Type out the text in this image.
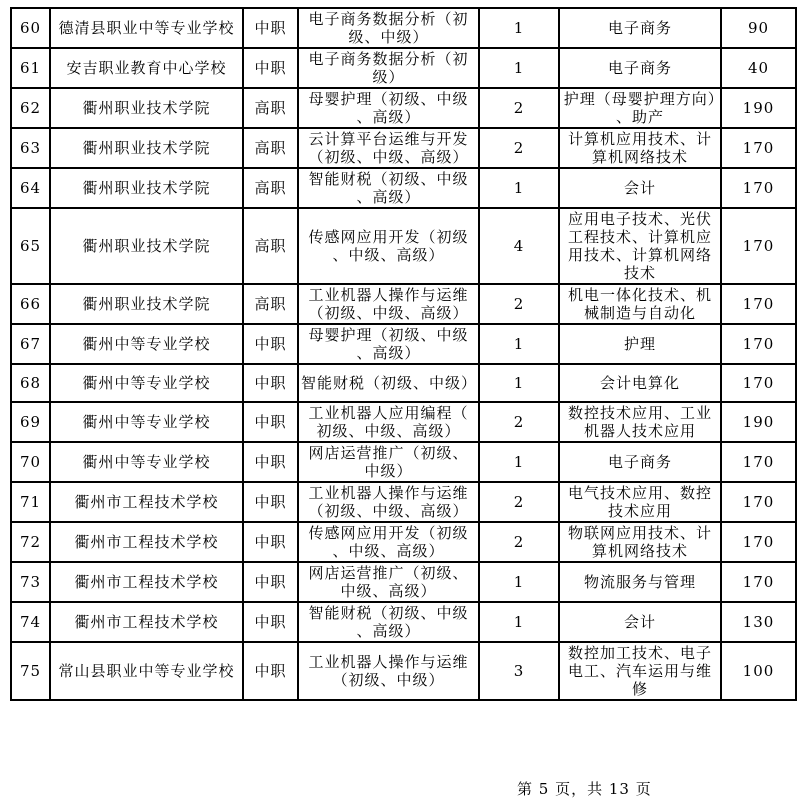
60	德清县职业中等专业学校	中职	电子商务数据分析（初级、中级）	1	电子商务	90
61	安吉职业教育中心学校	中职	电子商务数据分析（初级）	1	电子商务	40
62	衢州职业技术学院	高职	母婴护理（初级、中级、高级）	2	护理（母婴护理方向）、助产	190
63	衢州职业技术学院	高职	云计算平台运维与开发（初级、中级、高级）	2	计算机应用技术、计算机网络技术	170
64	衢州职业技术学院	高职	智能财税（初级、中级、高级）	1	会计	170
65	衢州职业技术学院	高职	传感网应用开发（初级、中级、高级）	4	应用电子技术、光伏工程技术、计算机应用技术、计算机网络技术	170
66	衢州职业技术学院	高职	工业机器人操作与运维（初级、中级、高级）	2	机电一体化技术、机械制造与自动化	170
67	衢州中等专业学校	中职	母婴护理（初级、中级、高级）	1	护理	170
68	衢州中等专业学校	中职	智能财税（初级、中级）	1	会计电算化	170
69	衢州中等专业学校	中职	工业机器人应用编程（初级、中级、高级）	2	数控技术应用、工业机器人技术应用	190
70	衢州中等专业学校	中职	网店运营推广（初级、中级）	1	电子商务	170
71	衢州市工程技术学校	中职	工业机器人操作与运维（初级、中级、高级）	2	电气技术应用、数控技术应用	170
72	衢州市工程技术学校	中职	传感网应用开发（初级、中级、高级）	2	物联网应用技术、计算机网络技术	170
73	衢州市工程技术学校	中职	网店运营推广（初级、中级、高级）	1	物流服务与管理	170
74	衢州市工程技术学校	中职	智能财税（初级、中级、高级）	1	会计	130
75	常山县职业中等专业学校	中职	工业机器人操作与运维（初级、中级）	3	数控加工技术、电子电工、汽车运用与维修	100
第 5 页，共 13 页
